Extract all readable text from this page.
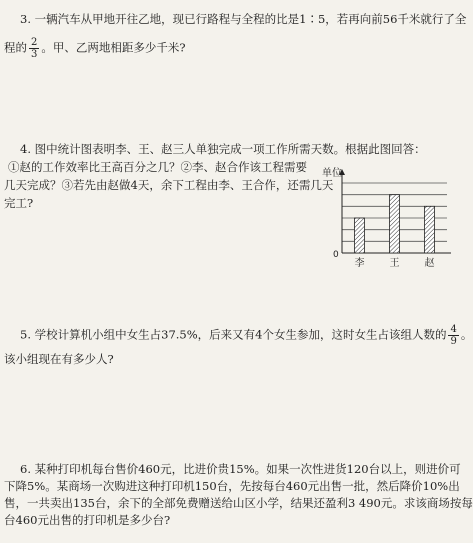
3. 一辆汽车从甲地开往乙地，现已行路程与全程的比是1∶5，若再向前56千米就行了全
程的 $\frac{2}{3}$ 。甲、乙两地相距多少千米?
4. 图中统计图表明李、王、赵三人单独完成一项工作所需天数。根据此图回答：
①赵的工作效率比王高百分之几？②李、赵合作该工程需要
几天完成？③若先由赵做4天，余下工程由李、王合作，还需几天
完工?
单位
0
李	王	赵
5. 学校计算机小组中女生占37.5%，后来又有4个女生参加，这时女生占该组人数的 $\frac{4}{9}$ 。
该小组现在有多少人?
6. 某种打印机每台售价460元，比进价贵15%。如果一次性进货120台以上，则进价可
下降5%。某商场一次购进这种打印机150台，先按每台460元出售一批，然后降价10%出
售，一共卖出135台，余下的全部免费赠送给山区小学，结果还盈利3 490元。求该商场按每
台460元出售的打印机是多少台?
